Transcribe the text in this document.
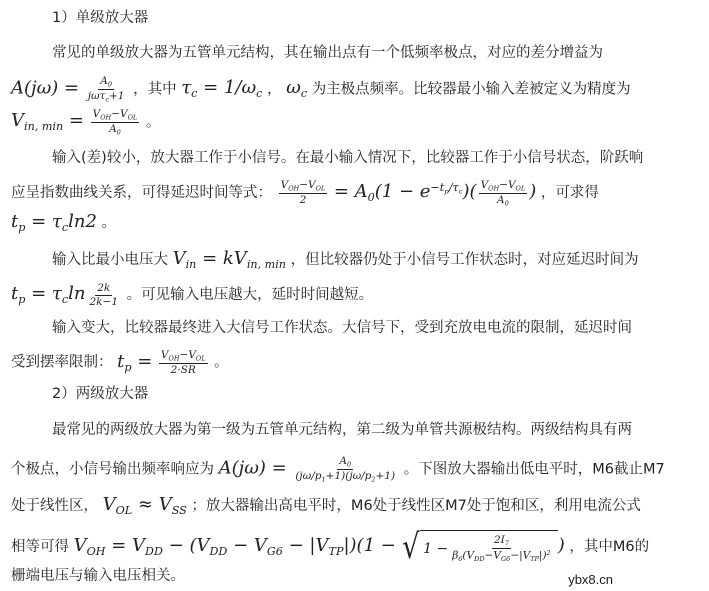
1）单级放大器
常见的单级放大器为五管单元结构，其在输出点有一个低频率极点，对应的差分增益为
$A(j\omega) = \frac{A_0}{j\omega\tau_c+1}$ ，其中 $\tau_c = 1/\omega_c$ ， $\omega_c$ 为主极点频率。比较器最小输入差被定义为精度为
$V_{in, min} = \frac{V_{OH}-V_{OL}}{A_0}$ 。
输入(差)较小，放大器工作于小信号。在最小输入情况下，比较器工作于小信号状态，阶跃响
应呈指数曲线关系，可得延迟时间等式： $\frac{V_{OH}-V_{OL}}{2} = A_0(1 - e^{-t_p/\tau_c})( \frac{V_{OH}-V_{OL}}{A_0}$ ) ，可求得
$t_p = \tau_c\ln 2$ 。
输入比最小电压大 $V_{in} = kV_{in, min}$ ，但比较器仍处于小信号工作状态时，对应延迟时间为
$t_p = \tau_c\ln \frac{2k}{2k-1}$ 。可见输入电压越大，延时时间越短。
输入变大，比较器最终进入大信号工作状态。大信号下，受到充放电电流的限制，延迟时间
受到摆率限制： $t_p = \frac{V_{OH}-V_{OL}}{2\cdot SR}$ 。
2）两级放大器
最常见的两级放大器为第一级为五管单元结构，第二级为单管共源极结构。两级结构具有两
个极点，小信号输出频率响应为 $A(j\omega) = \frac{A_0}{(j\omega/p_1+1)(j\omega/p_2+1)}$ 。下图放大器输出低电平时，M6截止M7
处于线性区， $V_{OL} \approx V_{SS}$ ；放大器输出高电平时，M6处于线性区M7处于饱和区，利用电流公式
相等可得 $V_{OH} = V_{DD} - (V_{DD} - V_{G6} - |V_{TP}|)(1$ − √ $1 - \frac{2I_7}{\beta_6(V_{DD}-V_{G6}-|V_{TP}|)^2}$ ) ，其中M6的
栅端电压与输入电压相关。	ybx8.cn
